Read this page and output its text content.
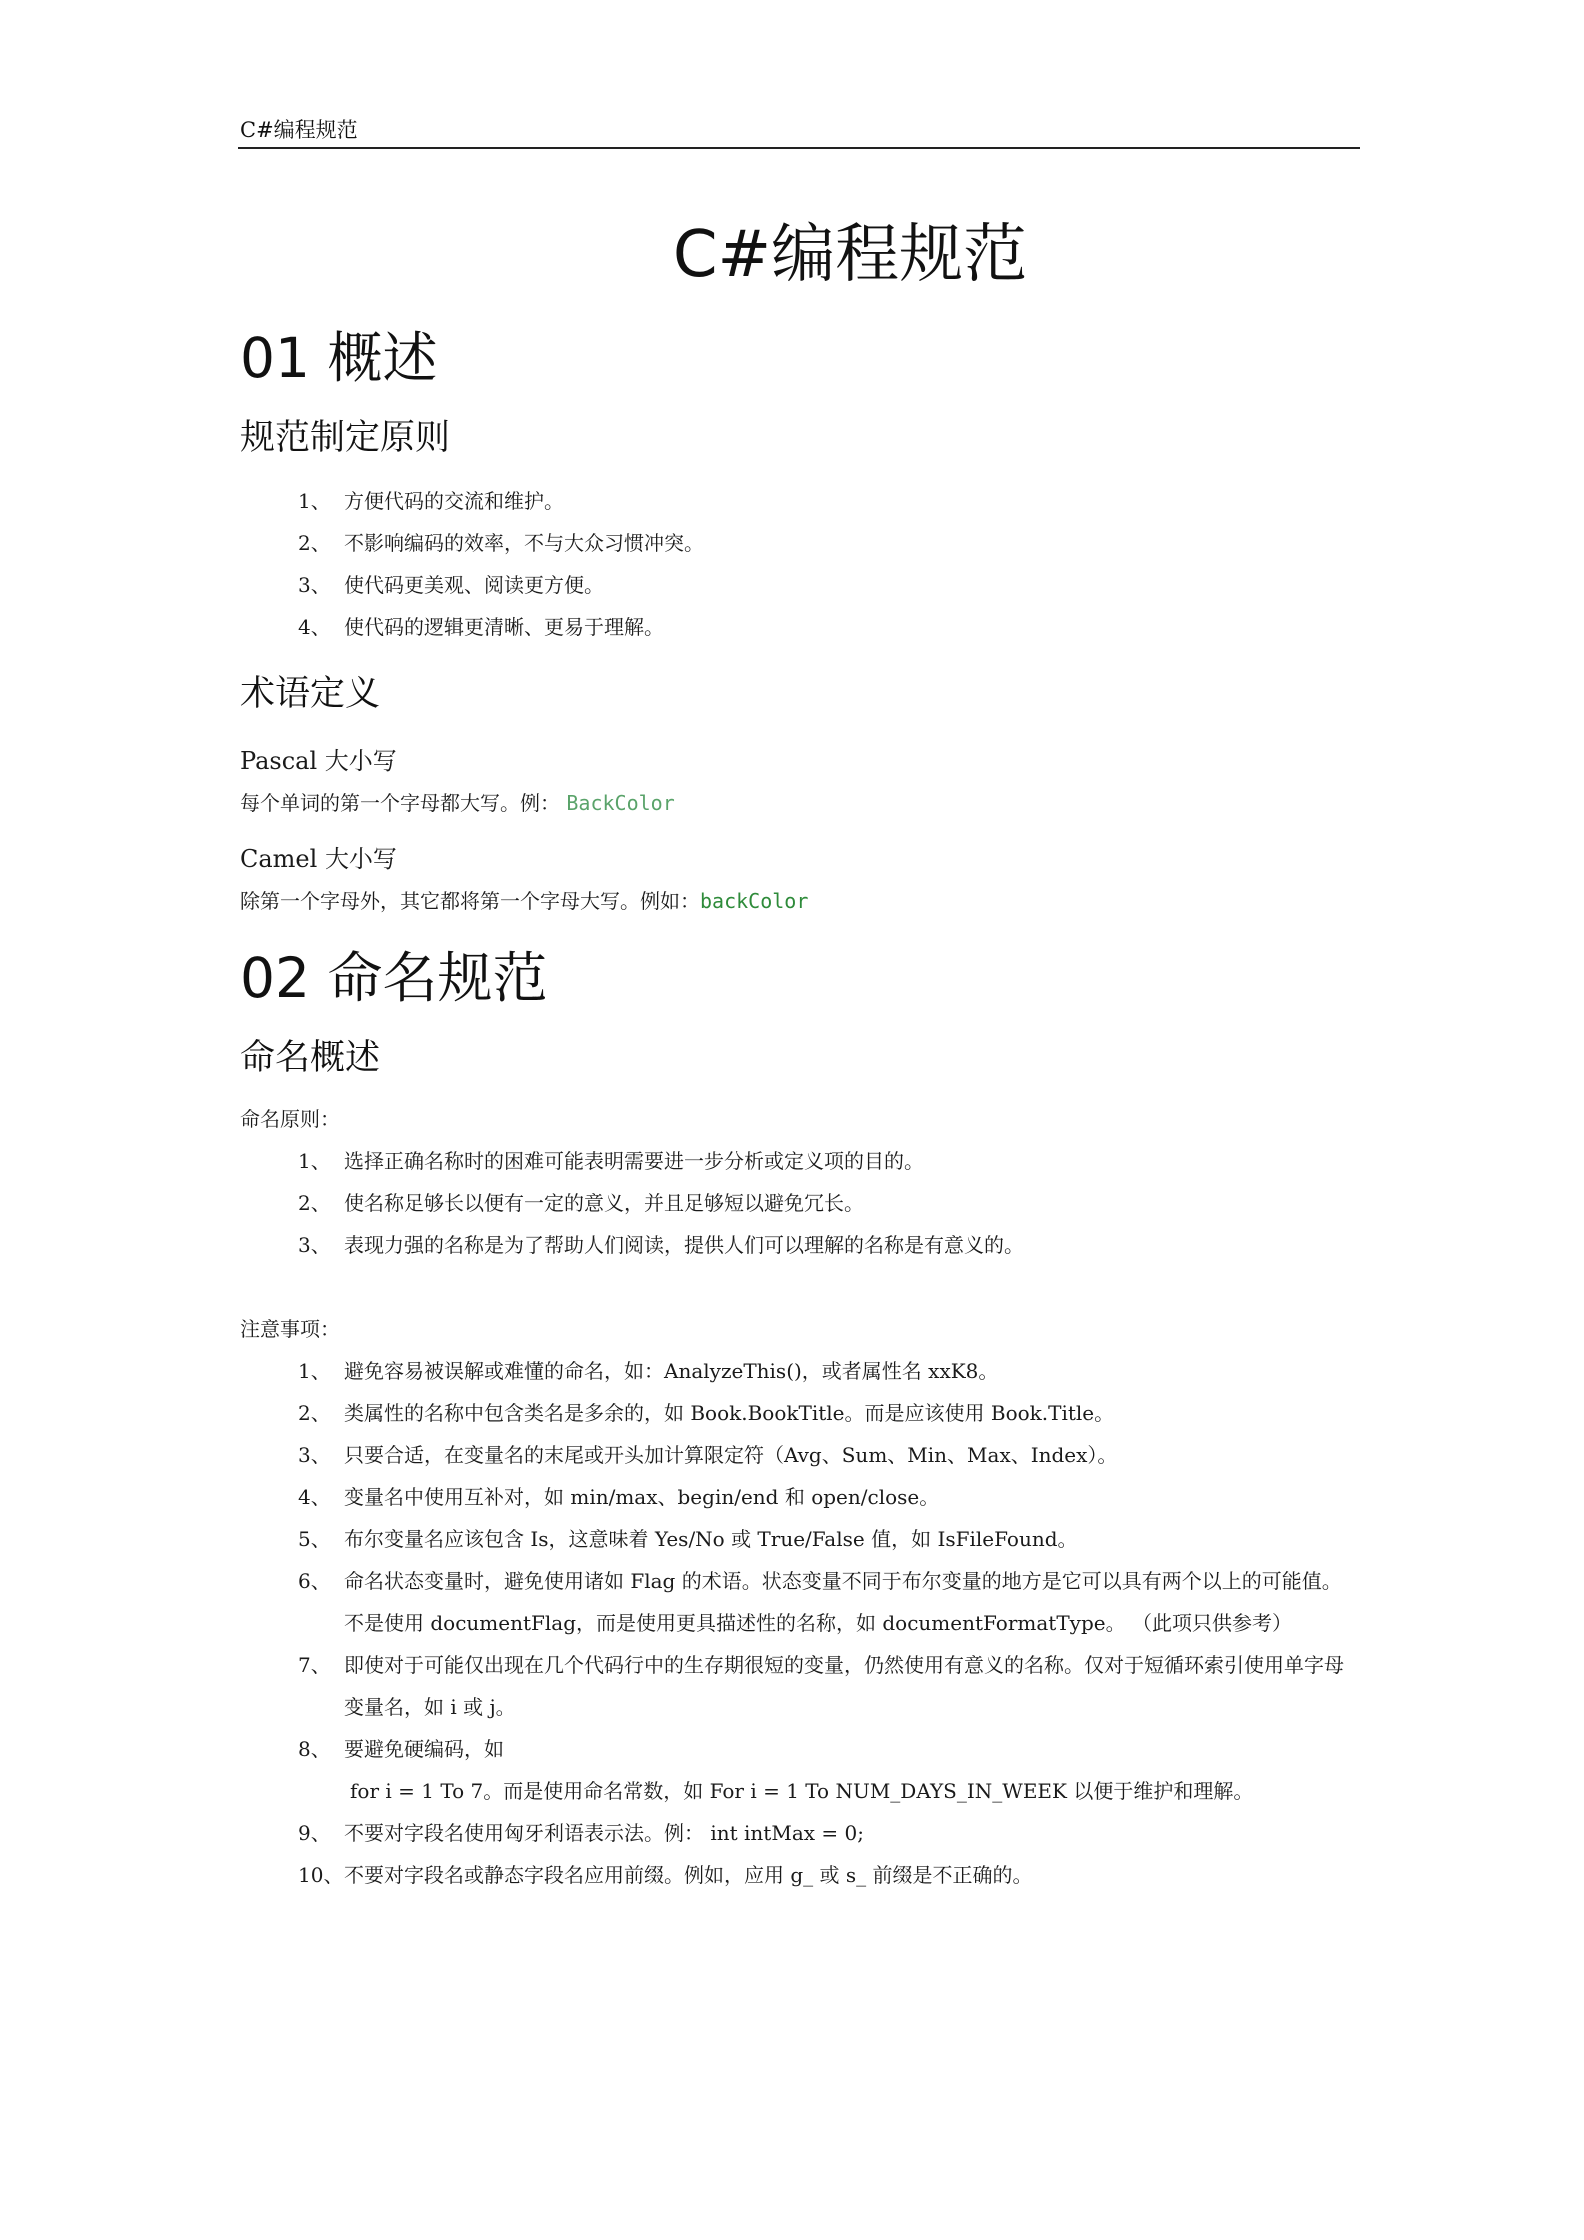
C#编程规范
C#编程规范
01 概述
规范制定原则
1、 方便代码的交流和维护。
2、 不影响编码的效率，不与大众习惯冲突。
3、 使代码更美观、阅读更方便。
4、 使代码的逻辑更清晰、更易于理解。
术语定义
Pascal 大小写
每个单词的第一个字母都大写。例： BackColor
Camel 大小写
除第一个字母外，其它都将第一个字母大写。例如：backColor
02 命名规范
命名概述
命名原则：
1、 选择正确名称时的困难可能表明需要进一步分析或定义项的目的。
2、 使名称足够长以便有一定的意义，并且足够短以避免冗长。
3、 表现力强的名称是为了帮助人们阅读，提供人们可以理解的名称是有意义的。
注意事项：
1、 避免容易被误解或难懂的命名，如：AnalyzeThis()，或者属性名 xxK8。
2、 类属性的名称中包含类名是多余的，如 Book.BookTitle。而是应该使用 Book.Title。
3、 只要合适，在变量名的末尾或开头加计算限定符（Avg、Sum、Min、Max、Index）。
4、 变量名中使用互补对，如 min/max、begin/end 和 open/close。
5、 布尔变量名应该包含 Is，这意味着 Yes/No 或 True/False 值，如 IsFileFound。
6、 命名状态变量时，避免使用诸如 Flag 的术语。状态变量不同于布尔变量的地方是它可以具有两个以上的可能值。不是使用 documentFlag，而是使用更具描述性的名称，如 documentFormatType。 （此项只供参考）
7、 即使对于可能仅出现在几个代码行中的生存期很短的变量，仍然使用有意义的名称。仅对于短循环索引使用单字母变量名，如 i 或 j。
8、 要避免硬编码，如
for i = 1 To 7。而是使用命名常数，如 For i = 1 To NUM_DAYS_IN_WEEK 以便于维护和理解。
9、 不要对字段名使用匈牙利语表示法。例： int intMax = 0;
10、 不要对字段名或静态字段名应用前缀。例如，应用 g_ 或 s_ 前缀是不正确的。
